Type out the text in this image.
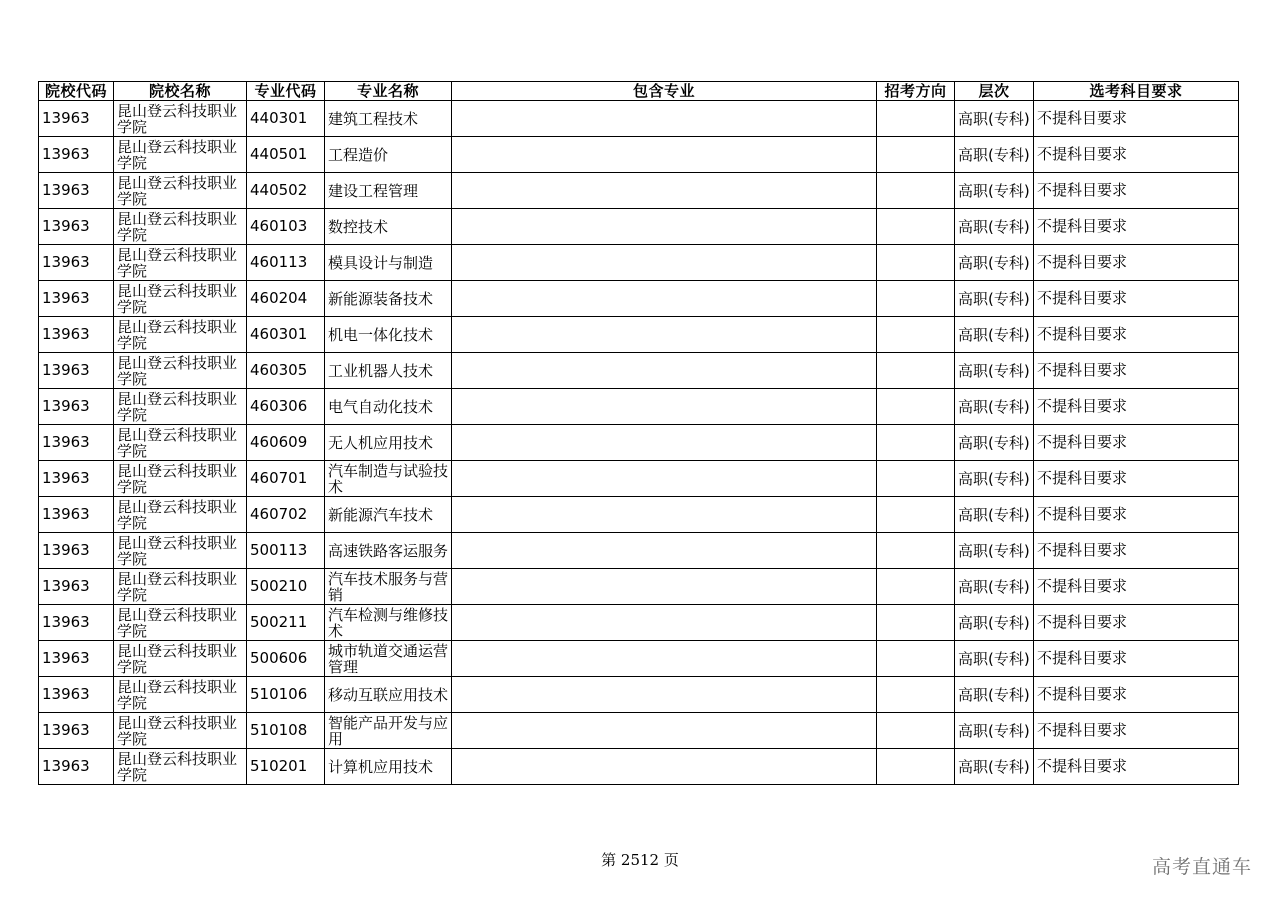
院校代码	院校名称	专业代码	专业名称	包含专业	招考方向	层次	选考科目要求
13963	昆山登云科技职业学院	440301	建筑工程技术			高职(专科)	不提科目要求
13963	昆山登云科技职业学院	440501	工程造价			高职(专科)	不提科目要求
13963	昆山登云科技职业学院	440502	建设工程管理			高职(专科)	不提科目要求
13963	昆山登云科技职业学院	460103	数控技术			高职(专科)	不提科目要求
13963	昆山登云科技职业学院	460113	模具设计与制造			高职(专科)	不提科目要求
13963	昆山登云科技职业学院	460204	新能源装备技术			高职(专科)	不提科目要求
13963	昆山登云科技职业学院	460301	机电一体化技术			高职(专科)	不提科目要求
13963	昆山登云科技职业学院	460305	工业机器人技术			高职(专科)	不提科目要求
13963	昆山登云科技职业学院	460306	电气自动化技术			高职(专科)	不提科目要求
13963	昆山登云科技职业学院	460609	无人机应用技术			高职(专科)	不提科目要求
13963	昆山登云科技职业学院	460701	汽车制造与试验技术			高职(专科)	不提科目要求
13963	昆山登云科技职业学院	460702	新能源汽车技术			高职(专科)	不提科目要求
13963	昆山登云科技职业学院	500113	高速铁路客运服务			高职(专科)	不提科目要求
13963	昆山登云科技职业学院	500210	汽车技术服务与营销			高职(专科)	不提科目要求
13963	昆山登云科技职业学院	500211	汽车检测与维修技术			高职(专科)	不提科目要求
13963	昆山登云科技职业学院	500606	城市轨道交通运营管理			高职(专科)	不提科目要求
13963	昆山登云科技职业学院	510106	移动互联应用技术			高职(专科)	不提科目要求
13963	昆山登云科技职业学院	510108	智能产品开发与应用			高职(专科)	不提科目要求
13963	昆山登云科技职业学院	510201	计算机应用技术			高职(专科)	不提科目要求
第 2512 页	高考直通车
